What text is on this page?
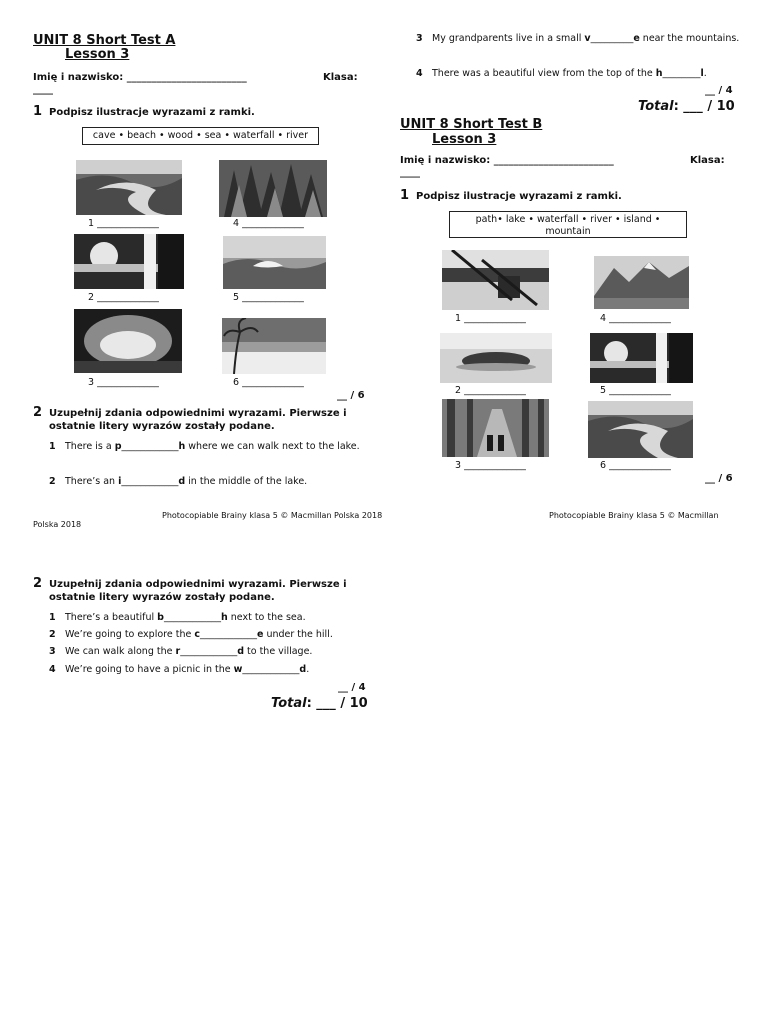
UNIT 8 Short Test A
Lesson 3
Imię i nazwisko: ________________________	Klasa:
____
1 Podpisz ilustracje wyrazami z ramki.
cave • beach • wood • sea • waterfall • river
1 _____________	4 _____________
2 _____________	5 _____________
3 _____________	6 _____________
__ / 6
2 Uzupełnij zdania odpowiednimi wyrazami. Pierwsze i ostatnie litery wyrazów zostały podane.
1 There is a p____________h where we can walk next to the lake.
2 There’s an i____________d in the middle of the lake.
Photocopiable Brainy klasa 5 © Macmillan Polska 2018
Polska 2018
3 My grandparents live in a small v_________e near the mountains.
4 There was a beautiful view from the top of the h________l.
__ / 4
Total: ___ / 10
UNIT 8 Short Test B
Lesson 3
Imię i nazwisko: ________________________	Klasa:
____
1 Podpisz ilustracje wyrazami z ramki.
path• lake • waterfall • river • island •
mountain
1 _____________	4 _____________
2 _____________	5 _____________
3 _____________	6 _____________
__ / 6
Photocopiable Brainy klasa 5 © Macmillan
2 Uzupełnij zdania odpowiednimi wyrazami. Pierwsze i ostatnie litery wyrazów zostały podane.
1 There’s a beautiful b____________h next to the sea.
2 We’re going to explore the c____________e under the hill.
3 We can walk along the r____________d to the village.
4 We’re going to have a picnic in the w____________d.
__ / 4
Total: ___ / 10
